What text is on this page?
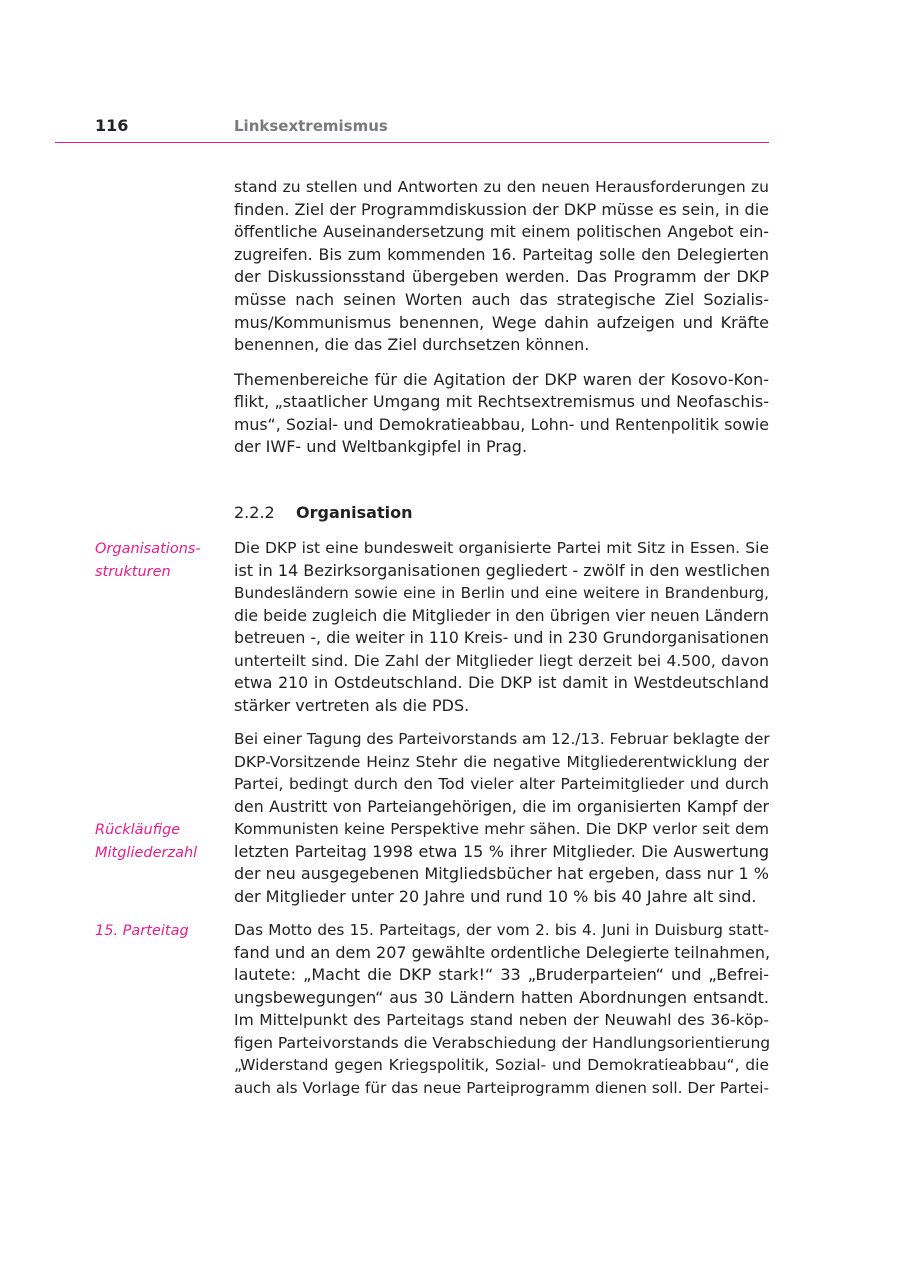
116	Linksextremismus
stand zu stellen und Antworten zu den neuen Herausforderungen zu
finden. Ziel der Programmdiskussion der DKP müsse es sein, in die
öffentliche Auseinandersetzung mit einem politischen Angebot ein-
zugreifen. Bis zum kommenden 16. Parteitag solle den Delegierten
der Diskussionsstand übergeben werden. Das Programm der DKP
müsse nach seinen Worten auch das strategische Ziel Sozialis-
mus/Kommunismus benennen, Wege dahin aufzeigen und Kräfte
benennen, die das Ziel durchsetzen können.
Themenbereiche für die Agitation der DKP waren der Kosovo-Kon-
flikt, „staatlicher Umgang mit Rechtsextremismus und Neofaschis-
mus“, Sozial- und Demokratieabbau, Lohn- und Rentenpolitik sowie
der IWF- und Weltbankgipfel in Prag.
2.2.2 Organisation
Organisations-
strukturen
Die DKP ist eine bundesweit organisierte Partei mit Sitz in Essen. Sie
ist in 14 Bezirksorganisationen gegliedert - zwölf in den westlichen
Bundesländern sowie eine in Berlin und eine weitere in Brandenburg,
die beide zugleich die Mitglieder in den übrigen vier neuen Ländern
betreuen -, die weiter in 110 Kreis- und in 230 Grundorganisationen
unterteilt sind. Die Zahl der Mitglieder liegt derzeit bei 4.500, davon
etwa 210 in Ostdeutschland. Die DKP ist damit in Westdeutschland
stärker vertreten als die PDS.
Rückläufige
Mitgliederzahl
Bei einer Tagung des Parteivorstands am 12./13. Februar beklagte der
DKP-Vorsitzende Heinz Stehr die negative Mitgliederentwicklung der
Partei, bedingt durch den Tod vieler alter Parteimitglieder und durch
den Austritt von Parteiangehörigen, die im organisierten Kampf der
Kommunisten keine Perspektive mehr sähen. Die DKP verlor seit dem
letzten Parteitag 1998 etwa 15 % ihrer Mitglieder. Die Auswertung
der neu ausgegebenen Mitgliedsbücher hat ergeben, dass nur 1 %
der Mitglieder unter 20 Jahre und rund 10 % bis 40 Jahre alt sind.
15. Parteitag	Das Motto des 15. Parteitags, der vom 2. bis 4. Juni in Duisburg statt-
fand und an dem 207 gewählte ordentliche Delegierte teilnahmen,
lautete: „Macht die DKP stark!“ 33 „Bruderparteien“ und „Befrei-
ungsbewegungen“ aus 30 Ländern hatten Abordnungen entsandt.
Im Mittelpunkt des Parteitags stand neben der Neuwahl des 36-köp-
figen Parteivorstands die Verabschiedung der Handlungsorientierung
„Widerstand gegen Kriegspolitik, Sozial- und Demokratieabbau“, die
auch als Vorlage für das neue Parteiprogramm dienen soll. Der Partei-
